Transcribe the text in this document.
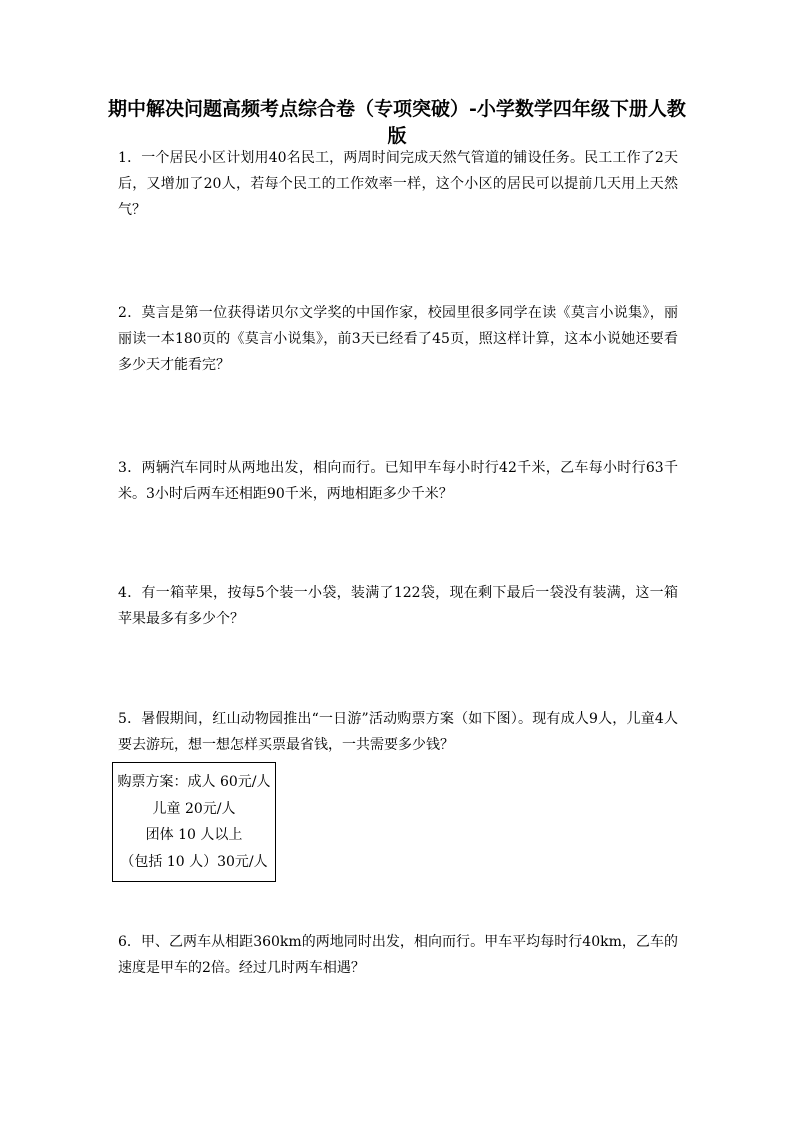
期中解决问题高频考点综合卷（专项突破）-小学数学四年级下册人教版

1．一个居民小区计划用40名民工，两周时间完成天然气管道的铺设任务。民工工作了2天后，又增加了20人，若每个民工的工作效率一样，这个小区的居民可以提前几天用上天然气？

2．莫言是第一位获得诺贝尔文学奖的中国作家，校园里很多同学在读《莫言小说集》，丽丽读一本180页的《莫言小说集》，前3天已经看了45页，照这样计算，这本小说她还要看多少天才能看完？

3．两辆汽车同时从两地出发，相向而行。已知甲车每小时行42千米，乙车每小时行63千米。3小时后两车还相距90千米，两地相距多少千米？

4．有一箱苹果，按每5个装一小袋，装满了122袋，现在剩下最后一袋没有装满，这一箱苹果最多有多少个？

5．暑假期间，红山动物园推出“一日游”活动购票方案（如下图）。现有成人9人，儿童4人要去游玩，想一想怎样买票最省钱，一共需要多少钱？

购票方案：成人 60元/人

儿童 20元/人

团体 10 人以上

（包括 10 人）30元/人

6．甲、乙两车从相距360km的两地同时出发，相向而行。甲车平均每时行40km，乙车的速度是甲车的2倍。经过几时两车相遇？
